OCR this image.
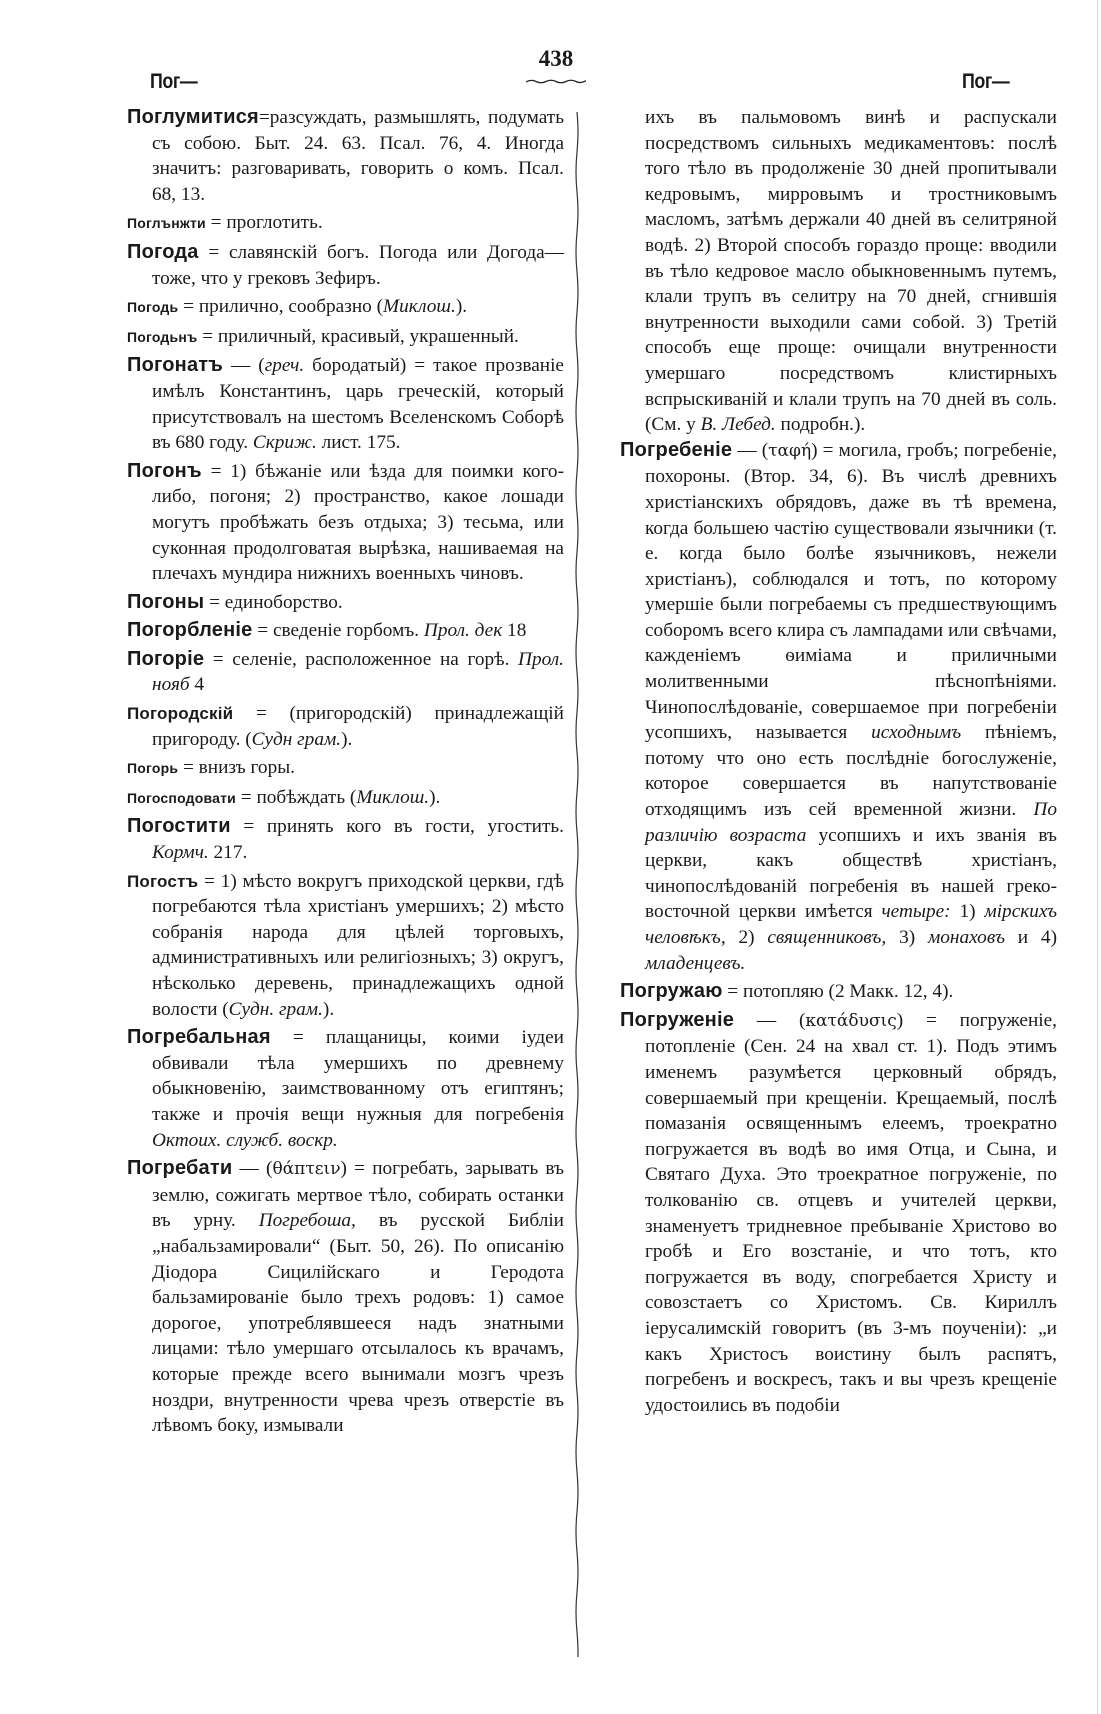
Пог—
438
Пог—

Поглумитися=разсуждать, размышлять, подумать съ собою. Быт. 24. 63. Псал. 76, 4. Иногда значитъ: разговаривать, говорить о комъ. Псал. 68, 13.

Поглънжти = проглотить.

Погода = славянскій богъ. Погода или Догода—тоже, что у грековъ Зефиръ.

Погодь = прилично, сообразно (Миклош.).

Погодьнъ = приличный, красивый, украшенный.

Погонатъ — (греч. бородатый) = такое прозваніе имѣлъ Константинъ, царь греческій, который присутствовалъ на шестомъ Вселенскомъ Соборѣ въ 680 году. Скриж. лист. 175.

Погонъ = 1) бѣжаніе или ѣзда для поимки кого-либо, погоня; 2) пространство, какое лошади могутъ пробѣжать безъ отдыха; 3) тесьма, или суконная продолговатая вырѣзка, нашиваемая на плечахъ мундира нижнихъ военныхъ чиновъ.

Погоны = единоборство.

Погорбленіе = сведеніе горбомъ. Прол. дек 18

Погоріе = селеніе, расположенное на горѣ. Прол. нояб 4

Погородскій = (пригородскій) принадлежащій пригороду. (Судн грам.).

Погорь = внизъ горы.

Погосподовати = побѣждать (Миклош.).

Погостити = принять кого въ гости, угостить. Кормч. 217.

Погостъ = 1) мѣсто вокругъ приходской церкви, гдѣ погребаются тѣла христіанъ умершихъ; 2) мѣсто собранія народа для цѣлей торговыхъ, административныхъ или религіозныхъ; 3) округъ, нѣсколько деревень, принадлежащихъ одной волости (Судн. грам.).

Погребальная = плащаницы, коими іудеи обвивали тѣла умершихъ по древнему обыкновенію, заимствованному отъ египтянъ; также и прочія вещи нужныя для погребенія Октоих. служб. воскр.

Погребати — (θάπτειν) = погребать, зарывать въ землю, сожигать мертвое тѣло, собирать останки въ урну. Погребоша, въ русской Библіи „набальзамировали“ (Быт. 50, 26). По описанію Діодора Сицилійскаго и Геродота бальзамированіе было трехъ родовъ: 1) самое дорогое, употреблявшееся надъ знатными лицами: тѣло умершаго отсылалось къ врачамъ, которые прежде всего вынимали мозгъ чрезъ ноздри, внутренности чрева чрезъ отверстіе въ лѣвомъ боку, измывали

ихъ въ пальмовомъ винѣ и распускали посредствомъ сильныхъ медикаментовъ: послѣ того тѣло въ продолженіе 30 дней пропитывали кедровымъ, мирровымъ и тростниковымъ масломъ, затѣмъ держали 40 дней въ селитряной водѣ. 2) Второй способъ гораздо проще: вводили въ тѣло кедровое масло обыкновеннымъ путемъ, клали трупъ въ селитру на 70 дней, сгнившія внутренности выходили сами собой. 3) Третій способъ еще проще: очищали внутренности умершаго посредствомъ клистирныхъ вспрыскиваній и клали трупъ на 70 дней въ соль. (См. у В. Лебед. подробн.).

Погребеніе — (ταφή) = могила, гробъ; погребеніе, похороны. (Втор. 34, 6). Въ числѣ древнихъ христіанскихъ обрядовъ, даже въ тѣ времена, когда большею частію существовали язычники (т. е. когда было болѣе язычниковъ, нежели христіанъ), соблюдался и тотъ, по которому умершіе были погребаемы съ предшествующимъ соборомъ всего клира съ лампадами или свѣчами, кажденіемъ ѳиміама и приличными молитвенными пѣснопѣніями. Чинопослѣдованіе, совершаемое при погребеніи усопшихъ, называется исходнымъ пѣніемъ, потому что оно есть послѣдніе богослуженіе, которое совершается въ напутствованіе отходящимъ изъ сей временной жизни. По различію возраста усопшихъ и ихъ званія въ церкви, какъ обществѣ христіанъ, чинопослѣдованій погребенія въ нашей греко-восточной церкви имѣется четыре: 1) мірскихъ человѣкъ, 2) священниковъ, 3) монаховъ и 4) младенцевъ.

Погружаю = потопляю (2 Макк. 12, 4).

Погруженіе — (κατάδυσις) = погруженіе, потопленіе (Сен. 24 на хвал ст. 1). Подъ этимъ именемъ разумѣется церковный обрядъ, совершаемый при крещеніи. Крещаемый, послѣ помазанія освященнымъ елеемъ, троекратно погружается въ водѣ во имя Отца, и Сына, и Святаго Духа. Это троекратное погруженіе, по толкованію св. отцевъ и учителей церкви, знаменуетъ тридневное пребываніе Христово во гробѣ и Его возстаніе, и что тотъ, кто погружается въ воду, спогребается Христу и совозстаетъ со Христомъ. Св. Кириллъ іерусалимскій говоритъ (въ 3-мъ поученіи): „и какъ Христосъ воистину былъ распятъ, погребенъ и воскресъ, такъ и вы чрезъ крещеніе удостоились въ подобіи
